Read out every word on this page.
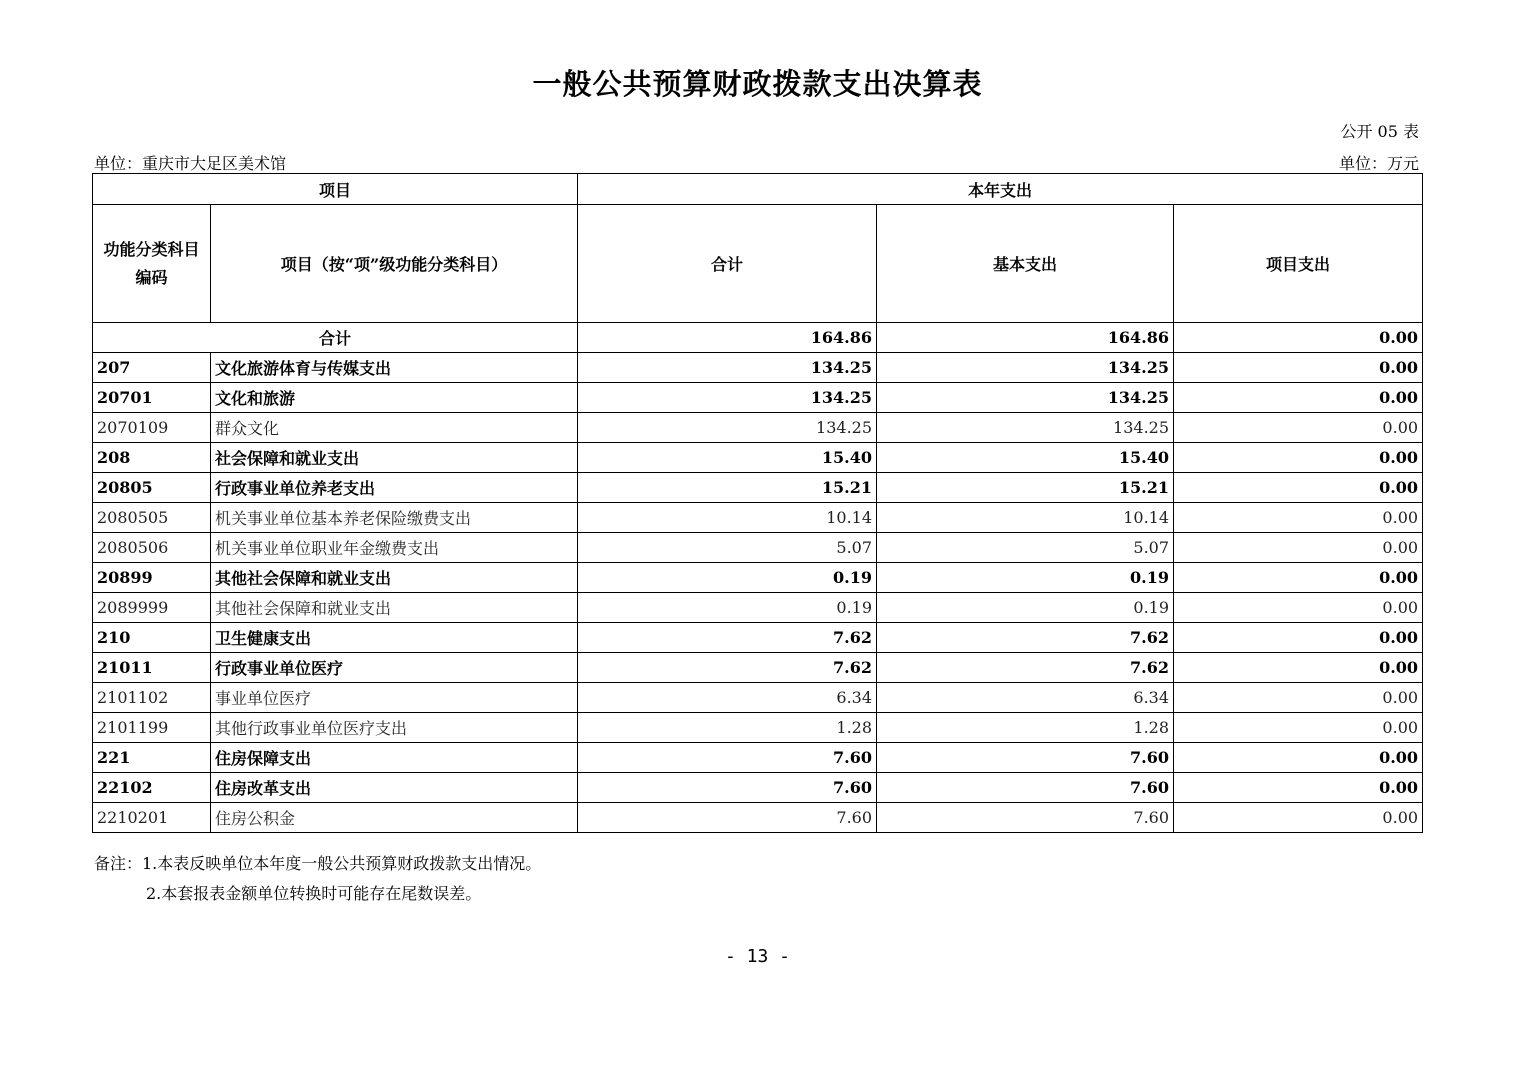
一般公共预算财政拨款支出决算表
公开 05 表
单位：重庆市大足区美术馆	单位：万元
项目		本年支出		
功能分类科目编码	项目（按“项”级功能分类科目）	合计	基本支出	项目支出
合计		164.86	164.86	0.00
207	文化旅游体育与传媒支出	134.25	134.25	0.00
20701	文化和旅游	134.25	134.25	0.00
2070109	群众文化	134.25	134.25	0.00
208	社会保障和就业支出	15.40	15.40	0.00
20805	行政事业单位养老支出	15.21	15.21	0.00
2080505	机关事业单位基本养老保险缴费支出	10.14	10.14	0.00
2080506	机关事业单位职业年金缴费支出	5.07	5.07	0.00
20899	其他社会保障和就业支出	0.19	0.19	0.00
2089999	其他社会保障和就业支出	0.19	0.19	0.00
210	卫生健康支出	7.62	7.62	0.00
21011	行政事业单位医疗	7.62	7.62	0.00
2101102	事业单位医疗	6.34	6.34	0.00
2101199	其他行政事业单位医疗支出	1.28	1.28	0.00
221	住房保障支出	7.60	7.60	0.00
22102	住房改革支出	7.60	7.60	0.00
2210201	住房公积金	7.60	7.60	0.00
备注：1.本表反映单位本年度一般公共预算财政拨款支出情况。
2.本套报表金额单位转换时可能存在尾数误差。
- 13 -
